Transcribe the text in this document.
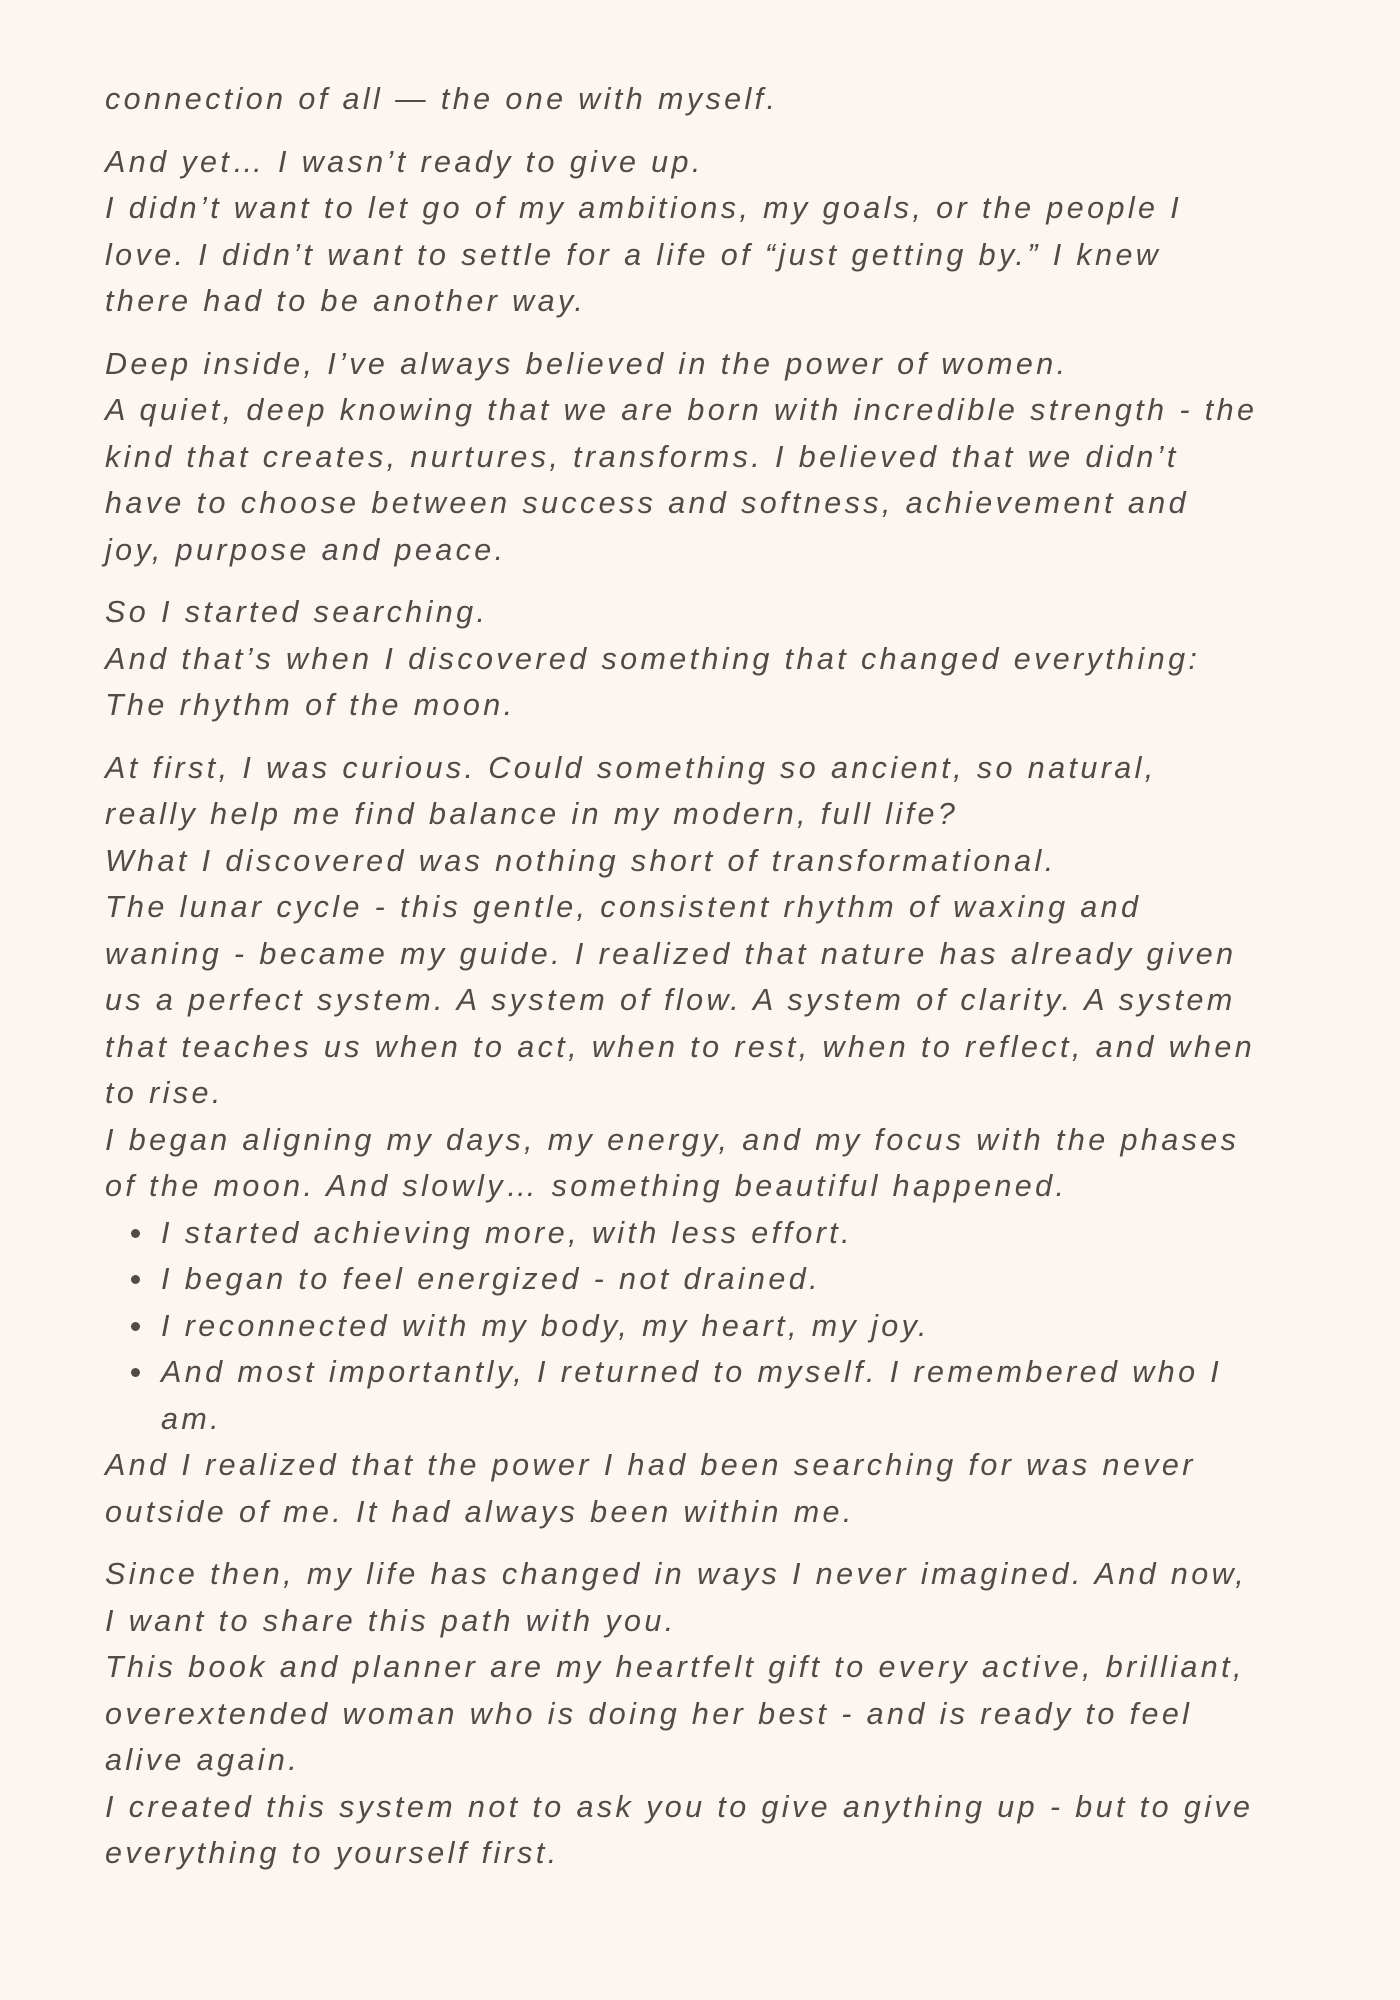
connection of all — the one with myself.
And yet… I wasn’t ready to give up.
I didn’t want to let go of my ambitions, my goals, or the people I
love. I didn’t want to settle for a life of “just getting by.” I knew
there had to be another way.
Deep inside, I’ve always believed in the power of women.
A quiet, deep knowing that we are born with incredible strength - the
kind that creates, nurtures, transforms. I believed that we didn’t
have to choose between success and softness, achievement and
joy, purpose and peace.
So I started searching.
And that’s when I discovered something that changed everything:
The rhythm of the moon.
At first, I was curious. Could something so ancient, so natural,
really help me find balance in my modern, full life?
What I discovered was nothing short of transformational.
The lunar cycle - this gentle, consistent rhythm of waxing and
waning - became my guide. I realized that nature has already given
us a perfect system. A system of flow. A system of clarity. A system
that teaches us when to act, when to rest, when to reflect, and when
to rise.
I began aligning my days, my energy, and my focus with the phases
of the moon. And slowly… something beautiful happened.
I started achieving more, with less effort.
I began to feel energized - not drained.
I reconnected with my body, my heart, my joy.
And most importantly, I returned to myself. I remembered who I
am.
And I realized that the power I had been searching for was never
outside of me. It had always been within me.
Since then, my life has changed in ways I never imagined. And now,
I want to share this path with you.
This book and planner are my heartfelt gift to every active, brilliant,
overextended woman who is doing her best - and is ready to feel
alive again.
I created this system not to ask you to give anything up - but to give
everything to yourself first.
